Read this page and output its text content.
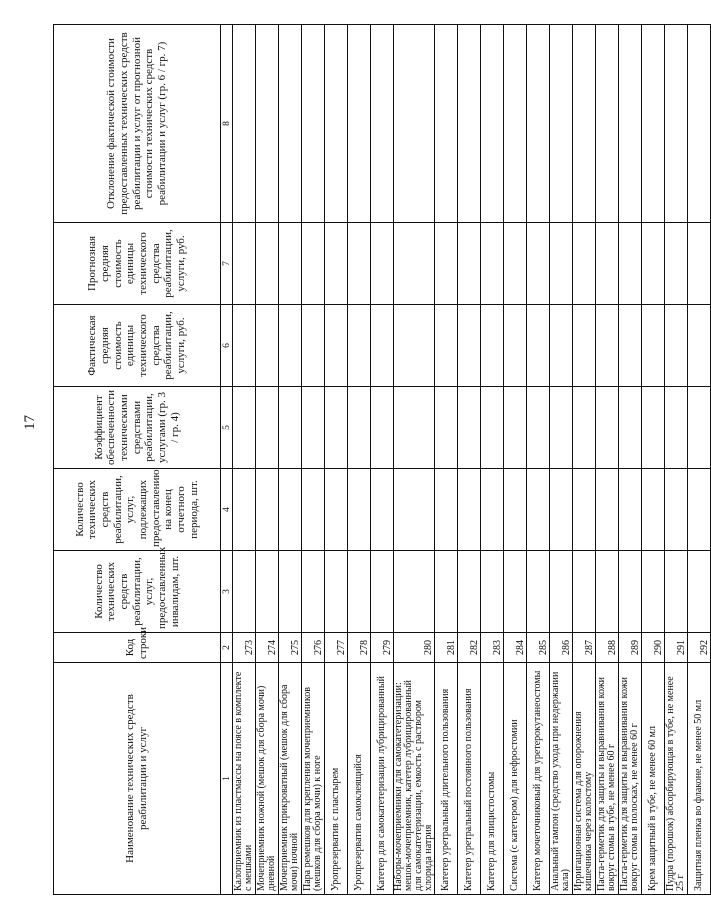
17
Наименование технических средств реабилитации и услуг	Код строки	Количество технических средств реабилитации, услуг, предоставленных инвалидам, шт.	Количество технических средств реабилитации, услуг, подлежащих предоставлению на конец отчетного периода, шт.	Коэффициент обеспеченности техническими средствами реабилитации, услугами (гр. 3 / гр. 4)	Фактическая средняя стоимость единицы технического средства реабилитации, услуги, руб.	Прогнозная средняя стоимость единицы технического средства реабилитации, услуги, руб.	Отклонение фактической стоимости предоставленных технических средств реабилитации и услуг от прогнозной стоимости технических средств реабилитации и услуг (гр. 6 / гр. 7)
1	2	3	4	5	6	7	8
Калоприемник из пластмассы на поясе в комплекте с мешками	273						
Мочеприемник ножной (мешок для сбора мочи) дневной	274						
Мочеприемник прикроватный (мешок для сбора мочи) ночной	275						
Пара ремешков для крепления мочеприемников (мешков для сбора мочи) к ноге	276						
Уропрезерватив с пластырем	277						
Уропрезерватив самоклеящийся	278						
Катетер для самокатетеризации лубрицированный	279						
Наборы-мочеприемники для самокатетеризации: мешок-мочеприемник, катетер лубрицированный для самокатетеризации, емкость с раствором хлорида натрия	280						
Катетер уретральный длительного пользования	281						
Катетер уретральный постоянного пользования	282						
Катетер для эпицистостомы	283						
Система (с катетером) для нефростомии	284						
Катетер мочеточниковый для уретерокутанеостомы	285						
Анальный тампон (средство ухода при недержании кала)	286						
Ирригационная система для опорожнения кишечника через колостому	287						
Паста-герметик для защиты и выравнивания кожи вокруг стомы в тубе, не менее 60 г	288						
Паста-герметик для защиты и выравнивания кожи вокруг стомы в полосках, не менее 60 г	289						
Крем защитный в тубе, не менее 60 мл	290						
Пудра (порошок) абсорбирующая в тубе, не менее 25 г	291						
Защитная пленка во флаконе, не менее 50 мл	292						
